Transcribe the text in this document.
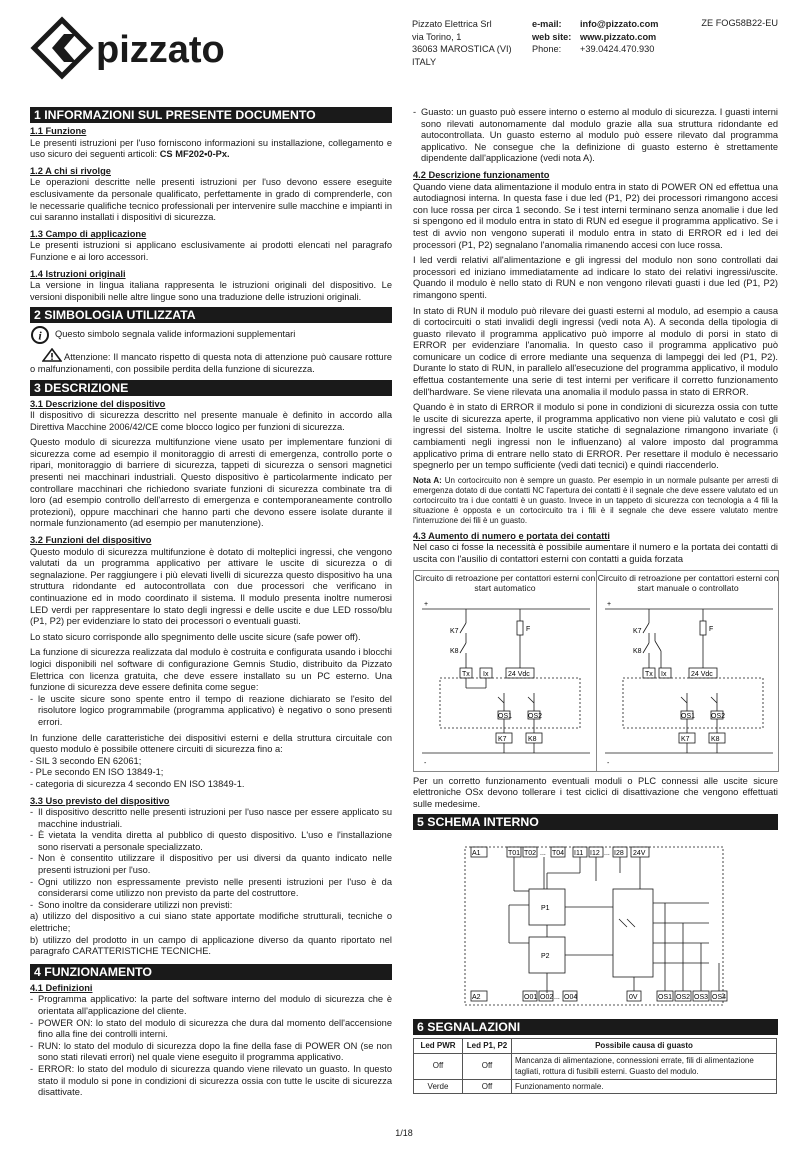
pizzato
Pizzato Elettrica Srl
via Torino, 1
36063 MAROSTICA (VI)
ITALY
e-mail: info@pizzato.com
web site: www.pizzato.com
Phone: +39.0424.470.930
ZE FOG58B22-EU
1 INFORMAZIONI SUL PRESENTE DOCUMENTO
1.1 Funzione

Le presenti istruzioni per l'uso forniscono informazioni su installazione, collegamento e uso sicuro dei seguenti articoli: CS MF202•0-Px.

1.2 A chi si rivolge

Le operazioni descritte nelle presenti istruzioni per l'uso devono essere eseguite esclusivamente da personale qualificato, perfettamente in grado di comprenderle, con le necessarie qualifiche tecnico professionali per intervenire sulle macchine e impianti in cui saranno installati i dispositivi di sicurezza.

1.3 Campo di applicazione

Le presenti istruzioni si applicano esclusivamente ai prodotti elencati nel paragrafo Funzione e ai loro accessori.

1.4 Istruzioni originali

La versione in lingua italiana rappresenta le istruzioni originali del dispositivo. Le versioni disponibili nelle altre lingue sono una traduzione delle istruzioni originali.

2 SIMBOLOGIA UTILIZZATA
i Questo simbolo segnala valide informazioni supplementari

Attenzione: Il mancato rispetto di questa nota di attenzione può causare rotture o malfunzionamenti, con possibile perdita della funzione di sicurezza.

3 DESCRIZIONE
3.1 Descrizione del dispositivo

Il dispositivo di sicurezza descritto nel presente manuale è definito in accordo alla Direttiva Macchine 2006/42/CE come blocco logico per funzioni di sicurezza.

Questo modulo di sicurezza multifunzione viene usato per implementare funzioni di sicurezza come ad esempio il monitoraggio di arresti di emergenza, controllo porte o ripari, monitoraggio di barriere di sicurezza, tappeti di sicurezza o sensori magnetici presenti nei macchinari industriali. Questo dispositivo è particolarmente indicato per controllare macchinari che richiedono svariate funzioni di sicurezza combinate tra di loro (ad esempio controllo dell'arresto di emergenza e contemporaneamente controllo protezioni), oppure macchinari che hanno parti che devono essere isolate durante il normale funzionamento (ad esempio per manutenzione).

3.2 Funzioni del dispositivo

Questo modulo di sicurezza multifunzione è dotato di molteplici ingressi, che vengono valutati da un programma applicativo per attivare le uscite di sicurezza o di segnalazione. Per raggiungere i più elevati livelli di sicurezza questo dispositivo ha una struttura ridondante ed autocontrollata con due processori che verificano in continuazione ed in modo coordinato il sistema. Il modulo presenta inoltre numerosi LED verdi per rappresentare lo stato degli ingressi e delle uscite e due LED rosso/blu (P1, P2) per evidenziare lo stato dei processori o eventuali guasti.

Lo stato sicuro corrisponde allo spegnimento delle uscite sicure (safe power off).

La funzione di sicurezza realizzata dal modulo è costruita e configurata usando i blocchi logici disponibili nel software di configurazione Gemnis Studio, distribuito da Pizzato Elettrica con licenza gratuita, che deve essere installato su un PC esterno. Una funzione di sicurezza deve essere definita come segue:

- le uscite sicure sono spente entro il tempo di reazione dichiarato se l'esito del risolutore logico programmabile (programma applicativo) è negativo o sono presenti errori.

In funzione delle caratteristiche dei dispositivi esterni e della struttura circuitale con questo modulo è possibile ottenere circuiti di sicurezza fino a:

- SIL 3 secondo EN 62061;
- PLe secondo EN ISO 13849-1;
- categoria di sicurezza 4 secondo EN ISO 13849-1.
3.3 Uso previsto del dispositivo
- Il dispositivo descritto nelle presenti istruzioni per l'uso nasce per essere applicato su macchine industriali.
- È vietata la vendita diretta al pubblico di questo dispositivo. L'uso e l'installazione sono riservati a personale specializzato.
- Non è consentito utilizzare il dispositivo per usi diversi da quanto indicato nelle presenti istruzioni per l'uso.
- Ogni utilizzo non espressamente previsto nelle presenti istruzioni per l'uso è da considerarsi come utilizzo non previsto da parte del costruttore.
- Sono inoltre da considerare utilizzi non previsti:

a) utilizzo del dispositivo a cui siano state apportate modifiche strutturali, tecniche o elettriche;

b) utilizzo del prodotto in un campo di applicazione diverso da quanto riportato nel paragrafo CARATTERISTICHE TECNICHE.

4 FUNZIONAMENTO
4.1 Definizioni
- Programma applicativo: la parte del software interno del modulo di sicurezza che è orientata all'applicazione del cliente.
- POWER ON: lo stato del modulo di sicurezza che dura dal momento dell'accensione fino alla fine dei controlli interni.
- RUN: lo stato del modulo di sicurezza dopo la fine della fase di POWER ON (se non sono stati rilevati errori) nel quale viene eseguito il programma applicativo.
- ERROR: lo stato del modulo di sicurezza quando viene rilevato un guasto. In questo stato il modulo si pone in condizioni di sicurezza ossia con tutte le uscite di sicurezza disattivate.
- Guasto: un guasto può essere interno o esterno al modulo di sicurezza. I guasti interni sono rilevati autonomamente dal modulo grazie alla sua struttura ridondante ed autocontrollata. Un guasto esterno al modulo può essere rilevato dal programma applicativo. Ne consegue che la definizione di guasto esterno è strettamente dipendente dall'applicazione (vedi nota A).
4.2 Descrizione funzionamento

Quando viene data alimentazione il modulo entra in stato di POWER ON ed effettua una autodiagnosi interna. In questa fase i due led (P1, P2) dei processori rimangono accesi con luce rossa per circa 1 secondo. Se i test interni terminano senza anomalie i due led si spengono ed il modulo entra in stato di RUN ed esegue il programma applicativo. Se i test di avvio non vengono superati il modulo entra in stato di ERROR ed i led dei processori (P1, P2) segnalano l'anomalia rimanendo accesi con luce rossa.

I led verdi relativi all'alimentazione e gli ingressi del modulo non sono controllati dai processori ed iniziano immediatamente ad indicare lo stato dei relativi ingressi/uscite. Quando il modulo è nello stato di RUN e non vengono rilevati guasti i due led (P1, P2) rimangono spenti.

In stato di RUN il modulo può rilevare dei guasti esterni al modulo, ad esempio a causa di cortocircuiti o stati invalidi degli ingressi (vedi nota A). A seconda della tipologia di guasto rilevato il programma applicativo può imporre al modulo di porsi in stato di ERROR per evidenziare l'anomalia. In questo caso il programma applicativo può comunicare un codice di errore mediante una sequenza di lampeggi dei led (P1, P2). Durante lo stato di RUN, in parallelo all'esecuzione del programma applicativo, il modulo effettua costantemente una serie di test interni per verificare il corretto funzionamento dell'hardware. Se viene rilevata una anomalia il modulo passa in stato di ERROR.

Quando è in stato di ERROR il modulo si pone in condizioni di sicurezza ossia con tutte le uscite di sicurezza aperte, il programma applicativo non viene più valutato e così gli ingressi del sistema. Inoltre le uscite statiche di segnalazione rimangono invariate (i cambiamenti negli ingressi non le influenzano) al valore imposto dal programma applicativo prima di entrare nello stato di ERROR. Per resettare il modulo è necessario spegnerlo per un tempo sufficiente (vedi dati tecnici) e quindi riaccenderlo.

Nota A: Un cortocircuito non è sempre un guasto. Per esempio in un normale pulsante per arresti di emergenza dotato di due contatti NC l'apertura dei contatti è il segnale che deve essere valutato ed un cortocircuito tra i due contatti è un guasto. Invece in un tappeto di sicurezza con tecnologia a 4 fili la situazione è opposta e un cortocircuito tra i fili è il segnale che deve essere valutato mentre l'interruzione dei fili è un guasto.
4.3 Aumento di numero e portata dei contatti

Nel caso ci fosse la necessità è possibile aumentare il numero e la portata dei contatti di uscita con l'ausilio di contattori esterni con contatti a guida forzata

Circuito di retroazione per contattori esterni con start automatico
+
-
K7
K8
F
Tx Ix	24 Vdc
OS1 OS2
K7	K8
Circuito di retroazione per contattori esterni con start manuale o controllato
+
-
K7
K8
F
Tx Ix	24 Vdc
OS1 OS2
K7	K8

Per un corretto funzionamento eventuali moduli o PLC connessi alle uscite sicure elettroniche OSx devono tollerare i test ciclici di disattivazione che vengono effettuati sulle medesime.

5 SCHEMA INTERNO
A1	T01 T02 ... T04 I11 I12 ... I28 24V
P1
P2
A2	O01 O02 ... O04	0V	OS1 OS2 OS3 OS4
6 SEGNALAZIONI
Led PWR	Led P1, P2	Possibile causa di guasto
Off	Off	Mancanza di alimentazione, connessioni errate, fili di alimentazione tagliati, rottura di fusibili esterni. Guasto del modulo.
Verde	Off	Funzionamento normale.
1/18
